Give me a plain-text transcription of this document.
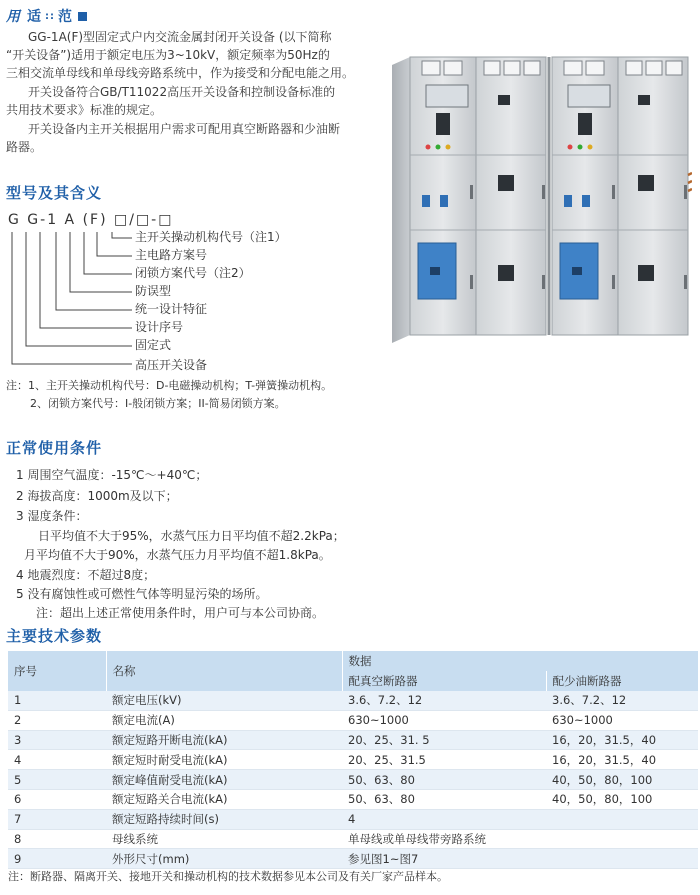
用 适 :: 范
GG-1A(F)型固定式户内交流金属封闭开关设备 (以下简称
“开关设备”)适用于额定电压为3~10kV，额定频率为50Hz的
三相交流单母线和单母线旁路系统中，作为接受和分配电能之用。
开关设备符合GB/T11022高压开关设备和控制设备标准的
共用技术要求》标准的规定。
开关设备内主开关根据用户需求可配用真空断路器和少油断
路器。
型号及其含义
G G-1 A (F) □/□-□
主开关操动机构代号（注1）
主电路方案号
闭锁方案代号（注2）
防误型
统一设计特征
设计序号
固定式
高压开关设备
注：1、主开关操动机构代号：D-电磁操动机构；T-弹簧操动机构。
2、闭锁方案代号：I-般闭锁方案；II-简易闭锁方案。
正常使用条件
1 周围空气温度：-15℃～+40℃；
2 海拔高度：1000m及以下；
3 湿度条件：
日平均值不大于95%，水蒸气压力日平均值不超2.2kPa；
月平均值不大于90%，水蒸气压力月平均值不超1.8kPa。
4 地震烈度：不超过8度；
5 没有腐蚀性或可燃性气体等明显污染的场所。
注：超出上述正常使用条件时，用户可与本公司协商。
主要技术参数
序号	名称	数据	
		配真空断路器	配少油断路器
1	额定电压(kV)	3.6、7.2、12	3.6、7.2、12
2	额定电流(A)	630~1000	630~1000
3	额定短路开断电流(kA)	20、25、31. 5	16，20，31.5，40
4	额定短时耐受电流(kA)	20、25、31.5	16，20，31.5，40
5	额定峰值耐受电流(kA)	50、63、80	40，50，80，100
6	额定短路关合电流(kA)	50、63、80	40，50，80，100
7	额定短路持续时间(s)	4	
8	母线系统	单母线或单母线带旁路系统	
9	外形尺寸(mm)	参见图1~图7	
注：断路器、隔离开关、接地开关和操动机构的技术数据参见本公司及有关厂家产品样本。
